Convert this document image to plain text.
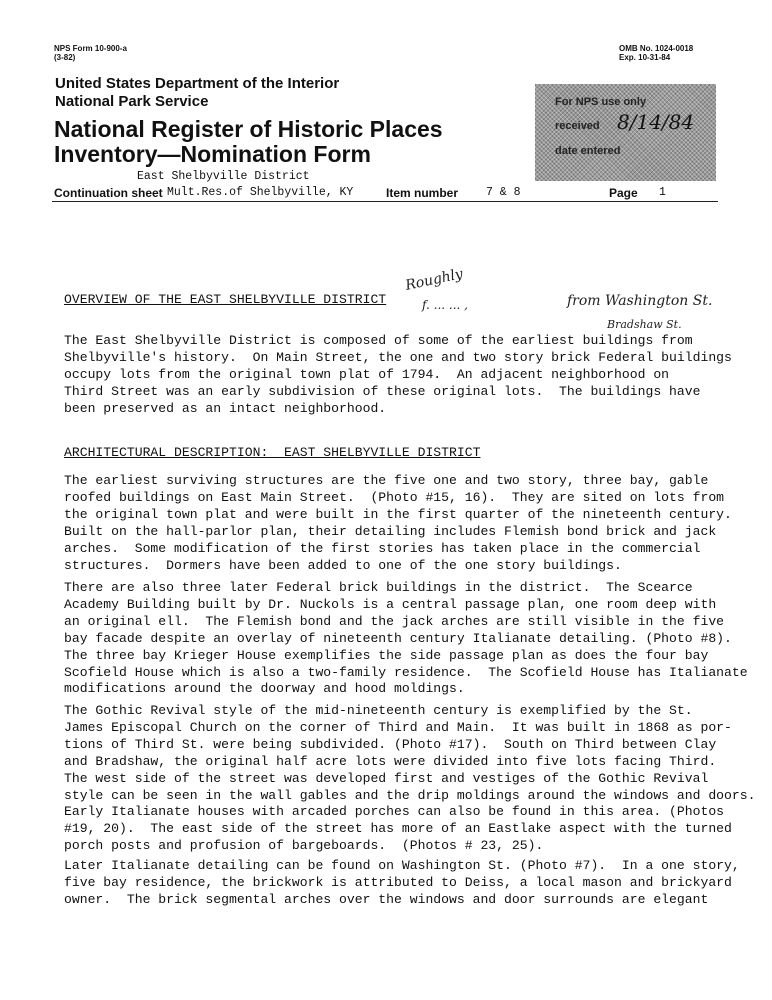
NPS Form 10-900-a
(3-82)
OMB No. 1024-0018
Exp. 10-31-84
United States Department of the Interior
National Park Service
National Register of Historic Places
Inventory—Nomination Form
For NPS use only
received 8/14/84
date entered
East Shelbyville District
Continuation sheet Mult.Res.of Shelbyville, KY	Item number 7 & 8	Page 1
Roughly
f. ... ... ,	from Washington St.
Bradshaw St.
OVERVIEW OF THE EAST SHELBYVILLE DISTRICT
The East Shelbyville District is composed of some of the earliest buildings from
Shelbyville's history.  On Main Street, the one and two story brick Federal buildings
occupy lots from the original town plat of 1794.  An adjacent neighborhood on
Third Street was an early subdivision of these original lots.  The buildings have
been preserved as an intact neighborhood.
ARCHITECTURAL DESCRIPTION:  EAST SHELBYVILLE DISTRICT
The earliest surviving structures are the five one and two story, three bay, gable
roofed buildings on East Main Street.  (Photo #15, 16).  They are sited on lots from
the original town plat and were built in the first quarter of the nineteenth century.
Built on the hall-parlor plan, their detailing includes Flemish bond brick and jack
arches.  Some modification of the first stories has taken place in the commercial
structures.  Dormers have been added to one of the one story buildings.
There are also three later Federal brick buildings in the district.  The Scearce
Academy Building built by Dr. Nuckols is a central passage plan, one room deep with
an original ell.  The Flemish bond and the jack arches are still visible in the five
bay facade despite an overlay of nineteenth century Italianate detailing. (Photo #8).
The three bay Krieger House exemplifies the side passage plan as does the four bay
Scofield House which is also a two-family residence.  The Scofield House has Italianate
modifications around the doorway and hood moldings.
The Gothic Revival style of the mid-nineteenth century is exemplified by the St.
James Episcopal Church on the corner of Third and Main.  It was built in 1868 as por-
tions of Third St. were being subdivided. (Photo #17).  South on Third between Clay
and Bradshaw, the original half acre lots were divided into five lots facing Third.
The west side of the street was developed first and vestiges of the Gothic Revival
style can be seen in the wall gables and the drip moldings around the windows and doors.
Early Italianate houses with arcaded porches can also be found in this area. (Photos
#19, 20).  The east side of the street has more of an Eastlake aspect with the turned
porch posts and profusion of bargeboards.  (Photos # 23, 25).
Later Italianate detailing can be found on Washington St. (Photo #7).  In a one story,
five bay residence, the brickwork is attributed to Deiss, a local mason and brickyard
owner.  The brick segmental arches over the windows and door surrounds are elegant
